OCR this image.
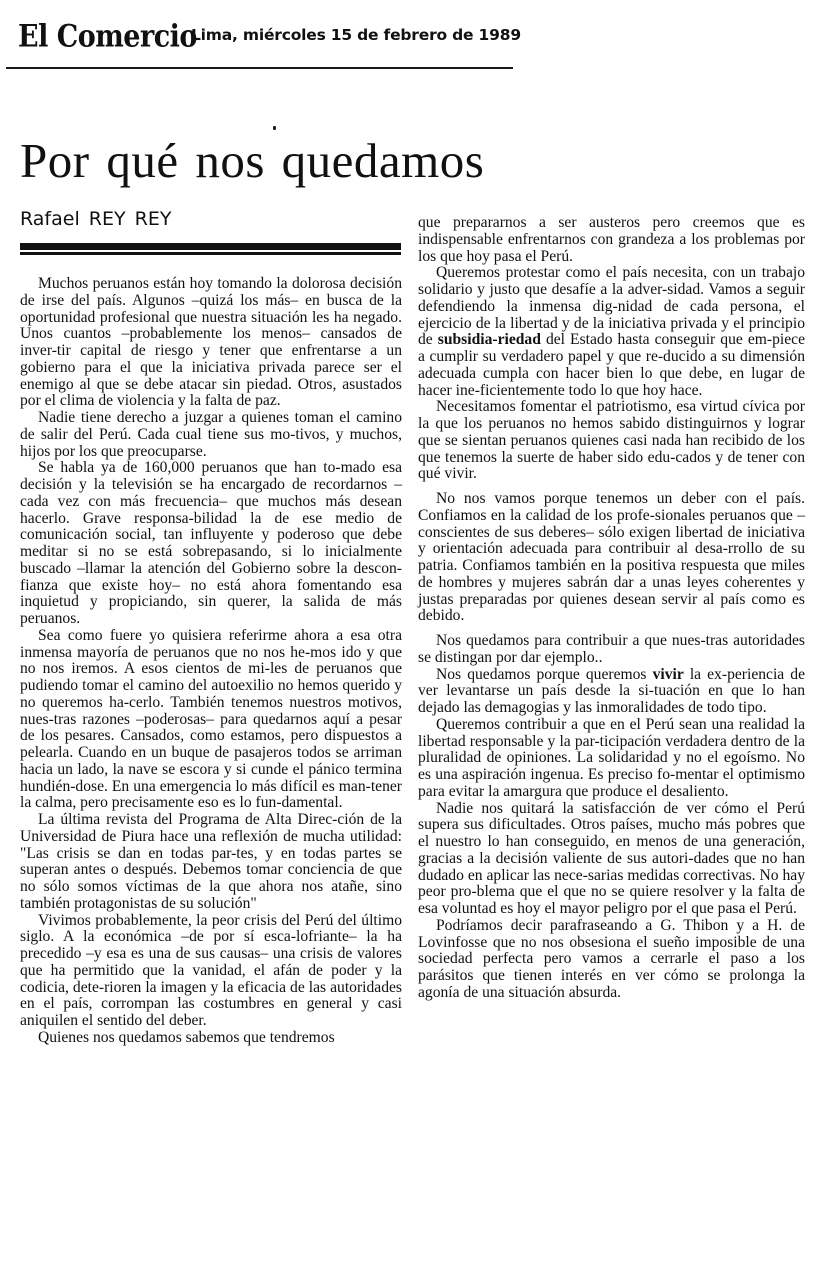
El Comercio
Lima, miércoles 15 de febrero de 1989
Por qué nos quedamos
Rafael REY REY

Muchos peruanos están hoy tomando la dolorosa decisión de irse del país. Algunos –quizá los más– en busca de la oportunidad profesional que nuestra situación les ha negado. Unos cuantos –probablemente los menos– cansados de inver-tir capital de riesgo y tener que enfrentarse a un gobierno para el que la iniciativa privada parece ser el enemigo al que se debe atacar sin piedad. Otros, asustados por el clima de violencia y la falta de paz.

Nadie tiene derecho a juzgar a quienes toman el camino de salir del Perú. Cada cual tiene sus mo-tivos, y muchos, hijos por los que preocuparse.

Se habla ya de 160,000 peruanos que han to-mado esa decisión y la televisión se ha encargado de recordarnos –cada vez con más frecuencia– que muchos más desean hacerlo. Grave responsa-bilidad la de ese medio de comunicación social, tan influyente y poderoso que debe meditar si no se está sobrepasando, si lo inicialmente buscado –llamar la atención del Gobierno sobre la descon-fianza que existe hoy– no está ahora fomentando esa inquietud y propiciando, sin querer, la salida de más peruanos.

Sea como fuere yo quisiera referirme ahora a esa otra inmensa mayoría de peruanos que no nos he-mos ido y que no nos iremos. A esos cientos de mi-les de peruanos que pudiendo tomar el camino del autoexilio no hemos querido y no queremos ha-cerlo. También tenemos nuestros motivos, nues-tras razones –poderosas– para quedarnos aquí a pesar de los pesares. Cansados, como estamos, pero dispuestos a pelearla. Cuando en un buque de pasajeros todos se arriman hacia un lado, la nave se escora y si cunde el pánico termina hundién-dose. En una emergencia lo más difícil es man-tener la calma, pero precisamente eso es lo fun-damental.

La última revista del Programa de Alta Direc-ción de la Universidad de Piura hace una reflexión de mucha utilidad: "Las crisis se dan en todas par-tes, y en todas partes se superan antes o después. Debemos tomar conciencia de que no sólo somos víctimas de la que ahora nos atañe, sino también protagonistas de su solución"

Vivimos probablemente, la peor crisis del Perú del último siglo. A la económica –de por sí esca-lofriante– la ha precedido –y esa es una de sus causas– una crisis de valores que ha permitido que la vanidad, el afán de poder y la codicia, dete-rioren la imagen y la eficacia de las autoridades en el país, corrompan las costumbres en general y casi aniquilen el sentido del deber.

Quienes nos quedamos sabemos que tendremos

que prepararnos a ser austeros pero creemos que es indispensable enfrentarnos con grandeza a los problemas por los que hoy pasa el Perú.

Queremos protestar como el país necesita, con un trabajo solidario y justo que desafíe a la adver-sidad. Vamos a seguir defendiendo la inmensa dig-nidad de cada persona, el ejercicio de la libertad y de la iniciativa privada y el principio de subsidia-riedad del Estado hasta conseguir que em-piece a cumplir su verdadero papel y que re-ducido a su dimensión adecuada cumpla con hacer bien lo que debe, en lugar de hacer ine-ficientemente todo lo que hoy hace.

Necesitamos fomentar el patriotismo, esa virtud cívica por la que los peruanos no hemos sabido distinguirnos y lograr que se sientan peruanos quienes casi nada han recibido de los que tenemos la suerte de haber sido edu-cados y de tener con qué vivir.

No nos vamos porque tenemos un deber con el país. Confiamos en la calidad de los profe-sionales peruanos que –conscientes de sus deberes– sólo exigen libertad de iniciativa y orientación adecuada para contribuir al desa-rrollo de su patria. Confiamos también en la positiva respuesta que miles de hombres y mujeres sabrán dar a unas leyes coherentes y justas preparadas por quienes desean servir al país como es debido.

Nos quedamos para contribuir a que nues-tras autoridades se distingan por dar ejemplo..

Nos quedamos porque queremos vivir la ex-periencia de ver levantarse un país desde la si-tuación en que lo han dejado las demagogias y las inmoralidades de todo tipo.

Queremos contribuir a que en el Perú sean una realidad la libertad responsable y la par-ticipación verdadera dentro de la pluralidad de opiniones. La solidaridad y no el egoísmo. No es una aspiración ingenua. Es preciso fo-mentar el optimismo para evitar la amargura que produce el desaliento.

Nadie nos quitará la satisfacción de ver cómo el Perú supera sus dificultades. Otros países, mucho más pobres que el nuestro lo han conseguido, en menos de una generación, gracias a la decisión valiente de sus autori-dades que no han dudado en aplicar las nece-sarias medidas correctivas. No hay peor pro-blema que el que no se quiere resolver y la falta de esa voluntad es hoy el mayor peligro por el que pasa el Perú.

Podríamos decir parafraseando a G. Thibon y a H. de Lovinfosse que no nos obsesiona el sueño imposible de una sociedad perfecta pero vamos a cerrarle el paso a los parásitos que tienen interés en ver cómo se prolonga la agonía de una situación absurda.
